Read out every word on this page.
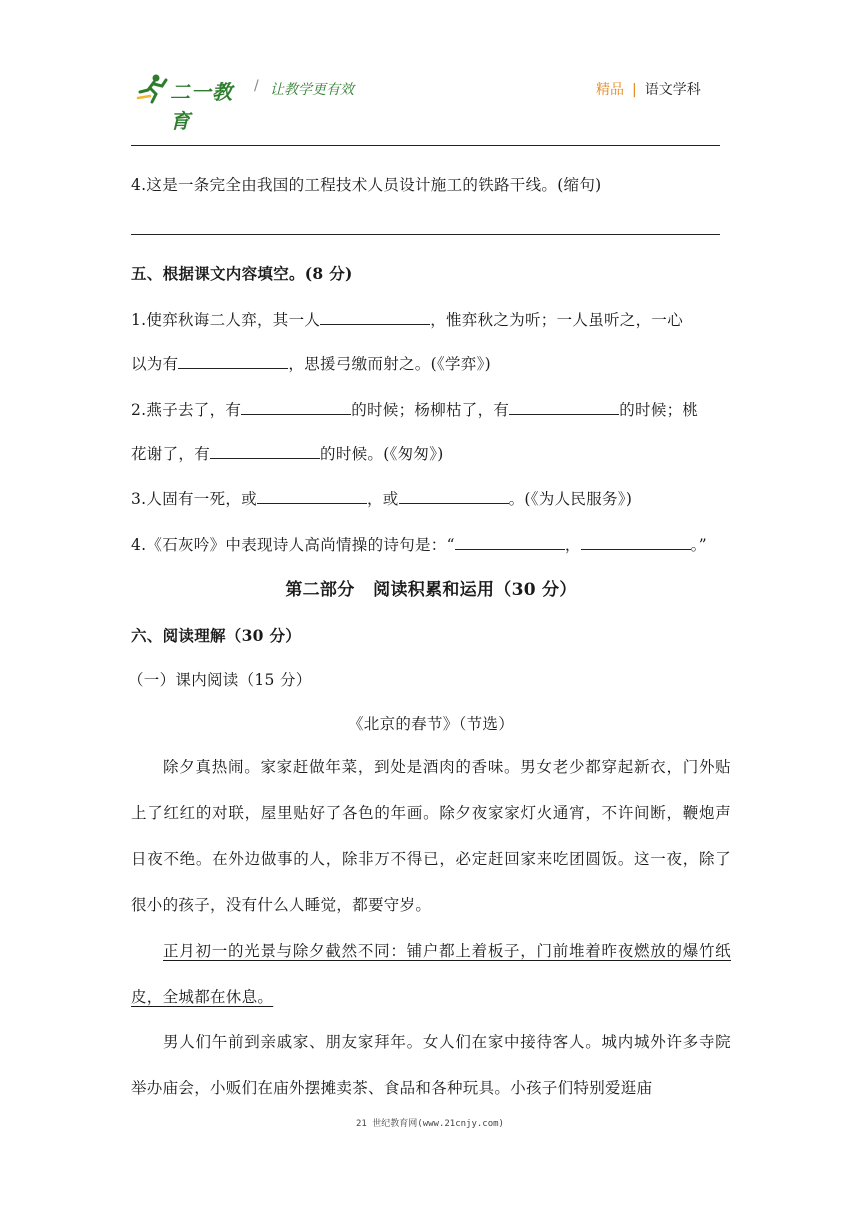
二一教育
/ 让教学更有效	精品 | 语文学科
4.这是一条完全由我国的工程技术人员设计施工的铁路干线。(缩句)
五、根据课文内容填空。(8 分)
1.使弈秋诲二人弈，其一人	，惟弈秋之为听；一人虽听之，一心
以为有	，思援弓缴而射之。(《学弈》)
2.燕子去了，有	的时候；杨柳枯了，有	的时候；桃
花谢了，有	的时候。(《匆匆》)
3.人固有一死，或	，或	。(《为人民服务》)
4.《石灰吟》中表现诗人高尚情操的诗句是：“	，	。”
第二部分   阅读积累和运用（30 分）
六、阅读理解（30 分）
（一）课内阅读（15 分）
《北京的春节》（节选）
除夕真热闹。家家赶做年菜，到处是酒肉的香味。男女老少都穿起新衣，门外贴上了红红的对联，屋里贴好了各色的年画。除夕夜家家灯火通宵，不许间断，鞭炮声日夜不绝。在外边做事的人，除非万不得已，必定赶回家来吃团圆饭。这一夜，除了很小的孩子，没有什么人睡觉，都要守岁。
正月初一的光景与除夕截然不同：铺户都上着板子，门前堆着昨夜燃放的爆竹纸皮，全城都在休息。
男人们午前到亲戚家、朋友家拜年。女人们在家中接待客人。城内城外许多寺院举办庙会，小贩们在庙外摆摊卖茶、食品和各种玩具。小孩子们特别爱逛庙
21 世纪教育网(www.21cnjy.com)
